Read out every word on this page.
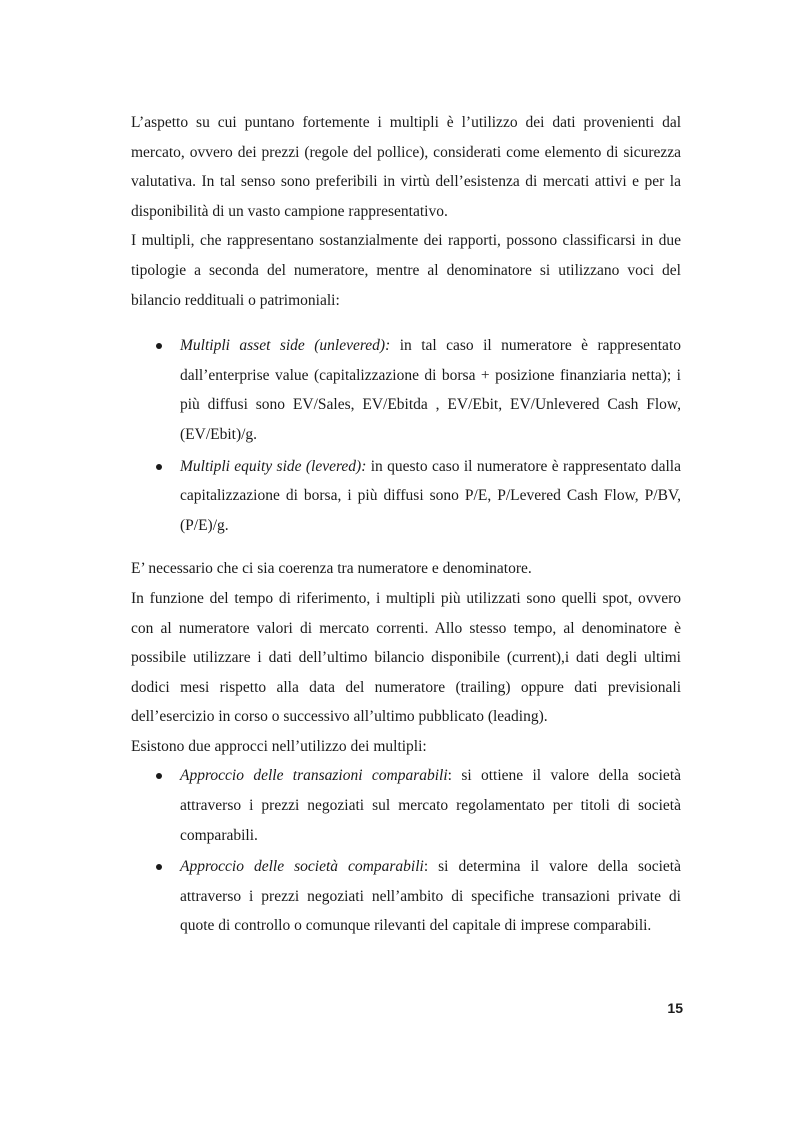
L’aspetto su cui puntano fortemente i multipli è l’utilizzo dei dati provenienti dal mercato, ovvero dei prezzi (regole del pollice), considerati come elemento di sicurezza valutativa. In tal senso sono preferibili in virtù dell’esistenza di mercati attivi e per la disponibilità di un vasto campione rappresentativo.

I multipli, che rappresentano sostanzialmente dei rapporti, possono classificarsi in due tipologie a seconda del numeratore, mentre al denominatore si utilizzano voci del bilancio reddituali o patrimoniali:

Multipli asset side (unlevered): in tal caso il numeratore è rappresentato dall’enterprise value (capitalizzazione di borsa + posizione finanziaria netta); i più diffusi sono EV/Sales, EV/Ebitda , EV/Ebit, EV/Unlevered Cash Flow, (EV/Ebit)/g.
Multipli equity side (levered): in questo caso il numeratore è rappresentato dalla capitalizzazione di borsa, i più diffusi sono P/E, P/Levered Cash Flow, P/BV, (P/E)/g.

E’ necessario che ci sia coerenza tra numeratore e denominatore.

In funzione del tempo di riferimento, i multipli più utilizzati sono quelli spot, ovvero con al numeratore valori di mercato correnti. Allo stesso tempo, al denominatore è possibile utilizzare i dati dell’ultimo bilancio disponibile (current),i dati degli ultimi dodici mesi rispetto alla data del numeratore (trailing) oppure dati previsionali dell’esercizio in corso o successivo all’ultimo pubblicato (leading).

Esistono due approcci nell’utilizzo dei multipli:

Approccio delle transazioni comparabili: si ottiene il valore della società attraverso i prezzi negoziati sul mercato regolamentato per titoli di società comparabili.
Approccio delle società comparabili: si determina il valore della società attraverso i prezzi negoziati nell’ambito di specifiche transazioni private di quote di controllo o comunque rilevanti del capitale di imprese comparabili.
15
